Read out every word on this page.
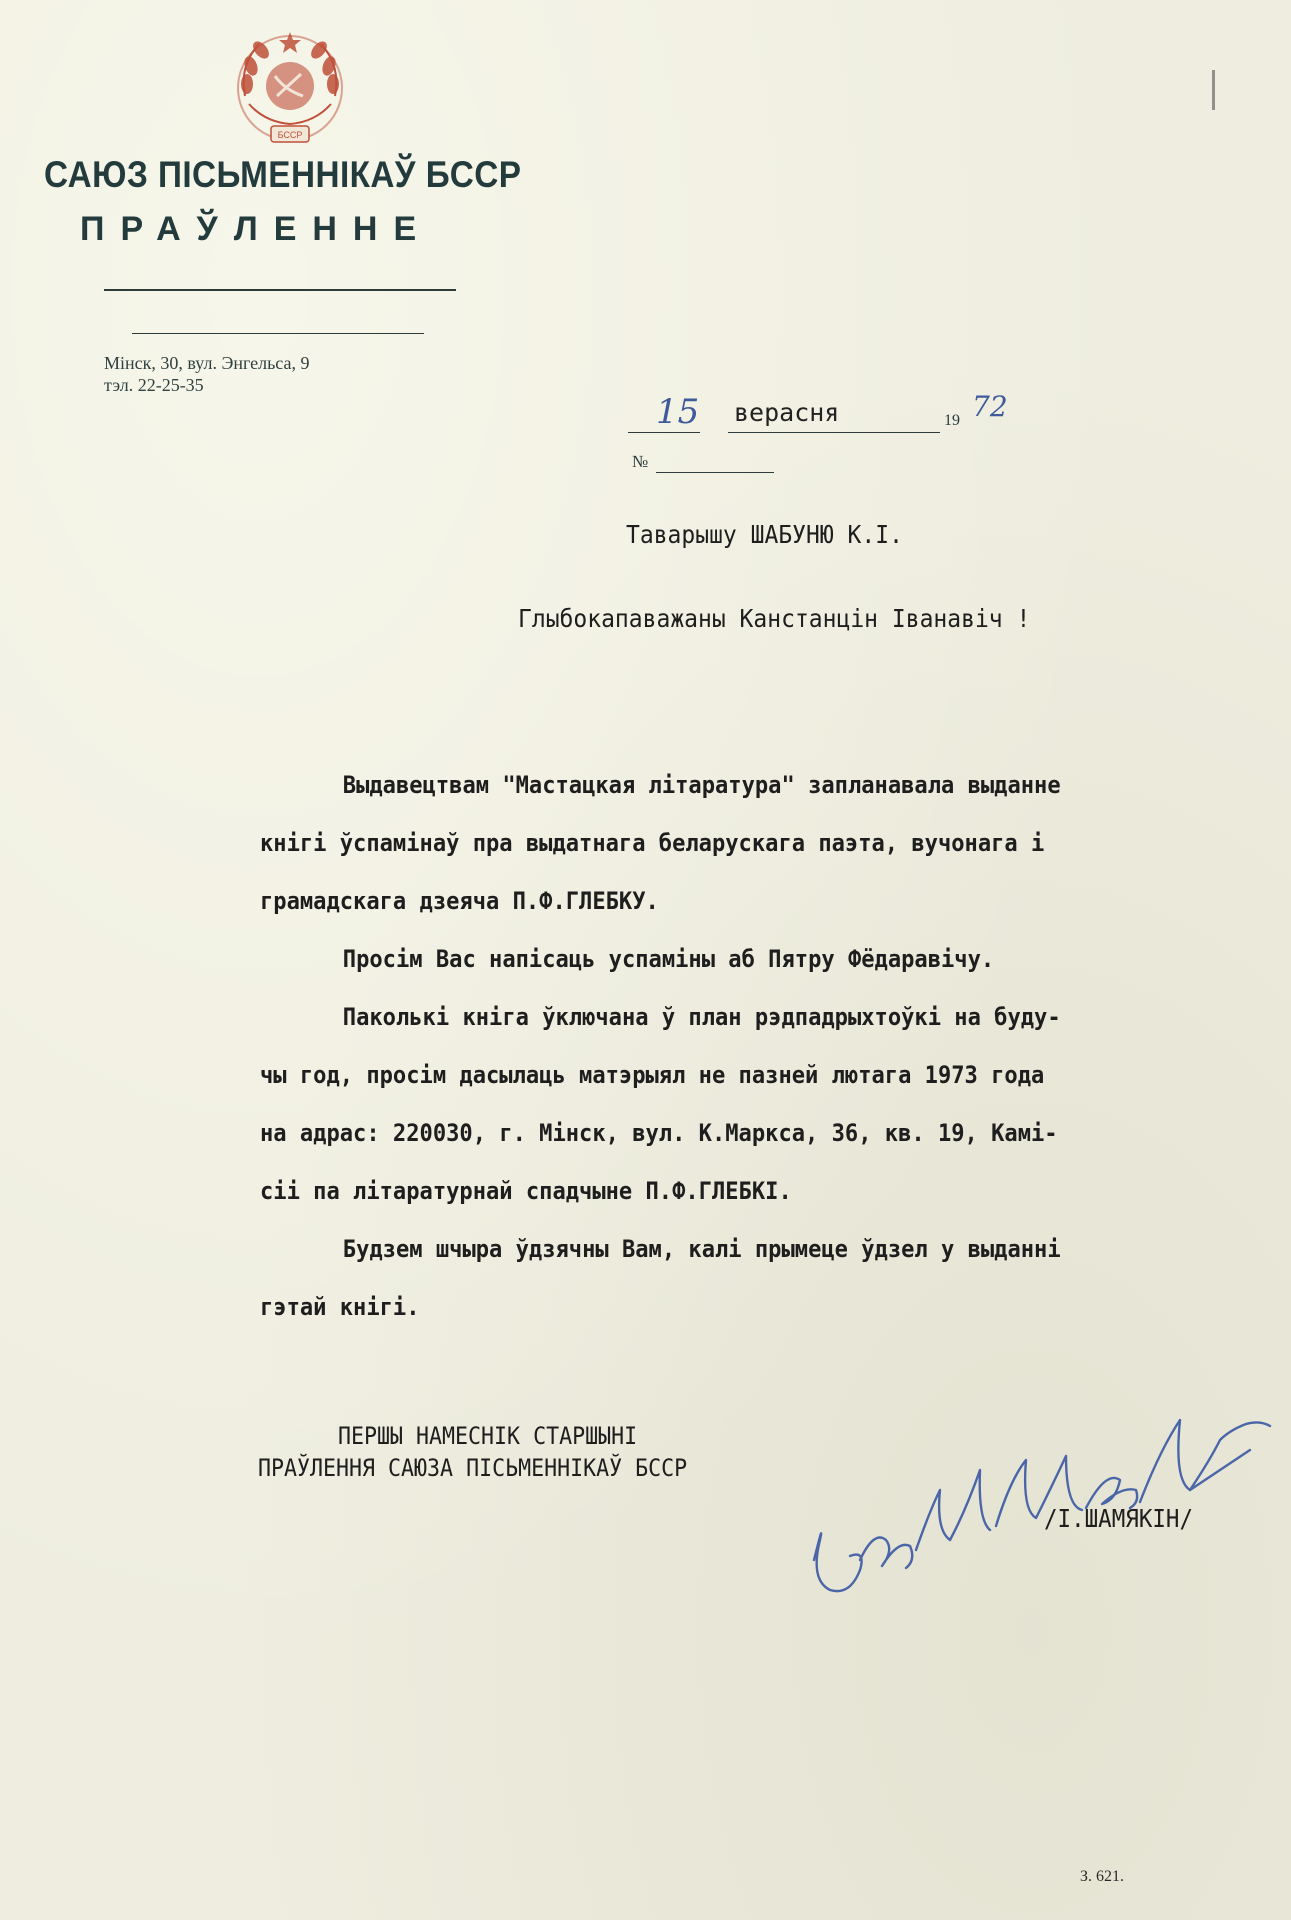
БССР
САЮЗ ПІСЬМЕННІКАЎ БССР
ПРАЎЛЕННЕ
Мінск, 30, вул. Энгельса, 9
тэл. 22-25-35
15 верасня	19 72
№
Таварышу ШАБУНЮ К.І.
Глыбокапаважаны Канстанцін Іванавіч !
Выдавецтвам "Мастацкая літаратура" запланавала выданне
кнігі ўспамінаў пра выдатнага беларускага паэта, вучонага і
грамадскага дзеяча П.Ф.ГЛЕБКУ.
Просім Вас напісаць успаміны аб Пятру Фёдаравічу.
Паколькі кніга ўключана ў план рэдпадрыхтоўкі на буду-
чы год, просім дасылаць матэрыял не пазней лютага 1973 года
на адрас: 220030, г. Мінск, вул. К.Маркса, 36, кв. 19, Камі-
сіі па літаратурнай спадчыне П.Ф.ГЛЕБКІ.
Будзем шчыра ўдзячны Вам, калі прымеце ўдзел у выданні
гэтай кнігі.
ПЕРШЫ НАМЕСНІК СТАРШЫНІ
ПРАЎЛЕННЯ САЮЗА ПІСЬМЕННІКАЎ БССР
/І.ШАМЯКІН/
З. 621.
